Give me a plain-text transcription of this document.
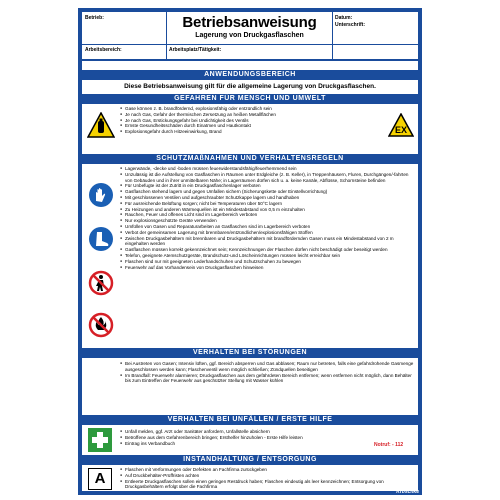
Betrieb:	Datum:
Unterschrift:
Arbeitsbereich:	Arbeitsplatz/Tätigkeit:
Betriebsanweisung
Lagerung von Druckgasflaschen
ANWENDUNGSBEREICH
Diese Betriebsanweisung gilt für die allgemeine Lagerung von Druckgasflaschen.
GEFAHREN FÜR MENSCH UND UMWELT
● Gase können z. B. brandfördernd, explosionsfähig oder entzündlich sein
● Je nach Gas, Gefahr der thermischen Zersetzung an heißen Metallflächen
● Je nach Gas, Erstickungsgefahr bei Undichtigkeit des Ventils
● Ernste Gesundheitsschäden durch Einatmen und Hautkontakt
● Explosionsgefahr durch Hitzeeinwirkung, Brand	EX
SCHUTZMAßNAHMEN UND VERHALTENSREGELN
● Lagerwände, -decke und -boden müssen feuerwiderstandsfähig/feuerhemmend sein
● Unzulässig ist die Aufstellung von Gasflaschen in Räumen unter Erdgleiche (z. B. Keller), in Treppenhäusern, Fluren, Durchgängen/-fahrten von Gebäuden und in ihrer unmittelbaren Nähe; in Lagerräumen dürfen sich u. a. keine Kanäle, Abflüsse, Schornsteine befinden
● Für Unbefugte ist der Zutritt in ein Druckgasflaschenlager verboten
● Gasflaschen stehend lagern und gegen Umfallen sichern (Sicherungskette oder Einstellvorrichtung)
● Mit geschlossenen Ventilen und aufgeschraubter Schutzkappe lagern und handhaben
● Für ausreichende Belüftung sorgen; nicht bei Temperaturen über 50°C lagern
● Zu Heizungen und anderen Wärmequellen ist ein Mindestabstand von 0,5 m einzuhalten
● Rauchen, Feuer und offenes Licht sind im Lagerbereich verboten
● Nur explosionsgeschützte Geräte verwenden
● Umfüllen von Gasen und Reparaturarbeiten an Gasflaschen sind im Lagerbereich verboten
● Verbot der gemeinsamen Lagerung mit brennbaren/entzündlichen/explosionsfähigen Stoffen
● Zwischen Druckgasbehältern mit brennbaren und Druckgasbehältern mit brandfördernden Gasen muss ein Mindestabstand von 2 m eingehalten werden
● Gasflaschen müssen korrekt gekennzeichnet sein; Kennzeichnungen der Flaschen dürfen nicht beschädigt oder beseitigt werden
● Telefon, geeignete Atemschutzgeräte, Brandschutz-und Löscheinrichtungen müssen leicht erreichbar sein
● Flaschen sind nur mit geeigneten Lederhandschuhen und Schutzschuhen zu bewegen
● Feuerwehr auf das Vorhandensein von Druckgasflaschen hinweisen
VERHALTEN BEI STÖRUNGEN
● Bei Austreten von Gasen; Intensiv lüften, ggf. Bereich absperren und Gas abblasen; Raum nur betreten, falls eine gefahrdrohende Gasmenge ausgeschlossen werden kann; Flaschenventil wenn möglich schließen; Zündquellen beseitigen
● Im Brandfall: Feuerwehr alarmieren; Druckgasflaschen aus dem gefährdeten Bereich entfernen; wenn entfernen nicht möglich, dann Behälter bis zum Eintreffen der Feuerwehr aus geschützter Stellung mit Wasser kühlen
VERHALTEN BEI UNFÄLLEN / ERSTE HILFE
● Unfall melden, ggf. Arzt oder Sanitäter anfordern, Unfallstelle absichern
● Betroffene aus dem Gefahrenbereich bringen; Ersthelfer hinzuholen - Erste Hilfe leisten
● Eintrag ins Verbandbuch	Notruf: - 112
INSTANDHALTUNG / ENTSORGUNG
A
● Flaschen mit Verformungen oder Defekten an Fachfirma zurückgeben
● Auf Druckbehälter-Prüffristen achten
● Entleerte Druckgasflaschen sollen einen geringen Restdruck haben; Flaschen eindeutig als leer kennzeichnen; Entsorgung von Druckgasbehältern erfolgt über die Fachfirma
Kroschke
